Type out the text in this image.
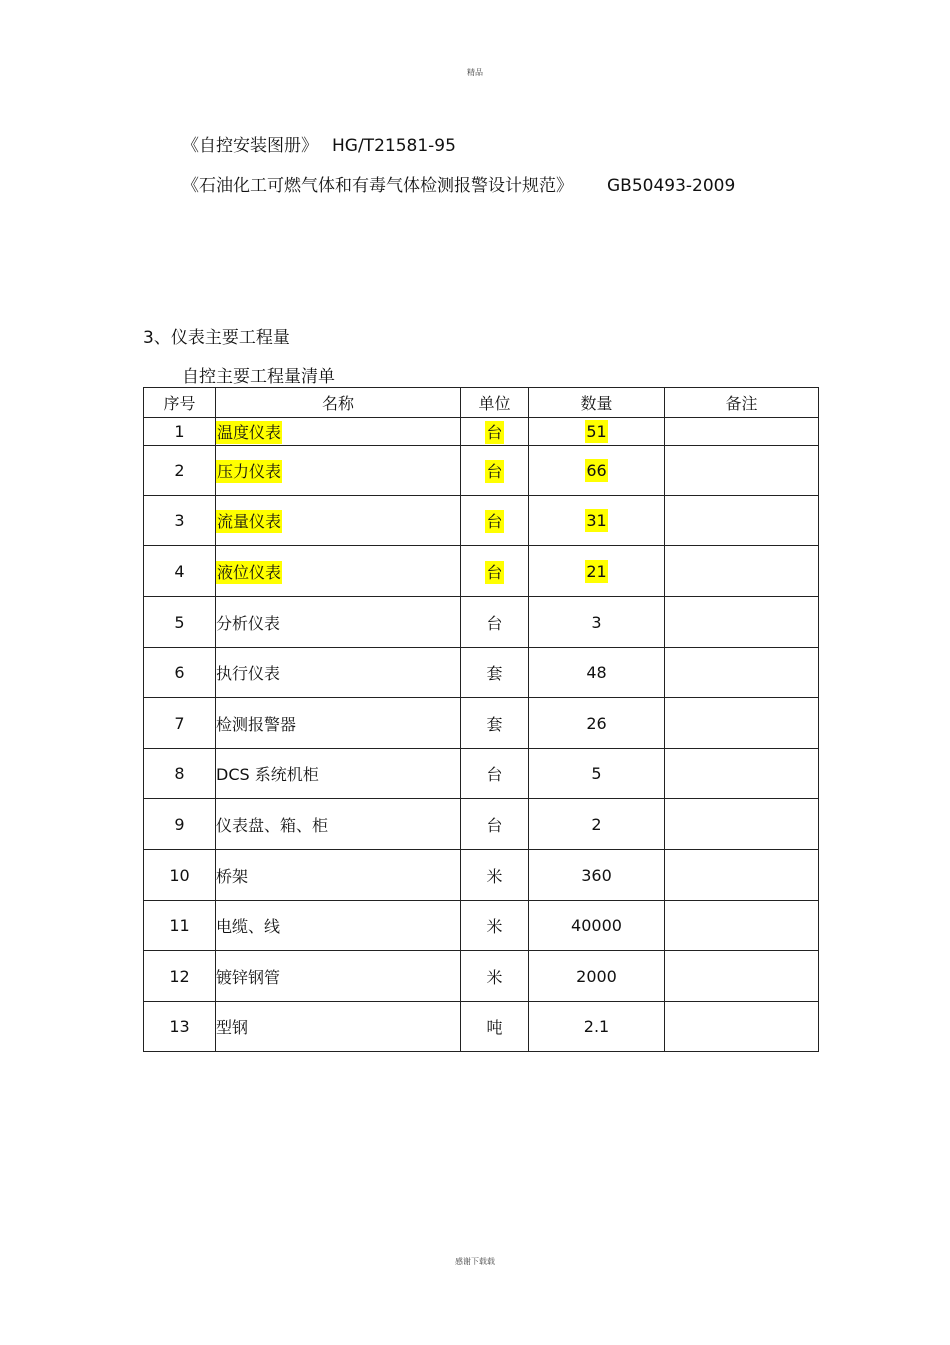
精品
《自控安装图册》 HG/T21581-95
《石油化工可燃气体和有毒气体检测报警设计规范》 GB50493-2009
3、仪表主要工程量
自控主要工程量清单
序号	名称	单位	数量	备注
1	温度仪表	台	51	
2	压力仪表	台	66	
3	流量仪表	台	31	
4	液位仪表	台	21	
5	分析仪表	台	3	
6	执行仪表	套	48	
7	检测报警器	套	26	
8	DCS 系统机柜	台	5	
9	仪表盘、箱、柜	台	2	
10	桥架	米	360	
11	电缆、线	米	40000	
12	镀锌钢管	米	2000	
13	型钢	吨	2.1	
感谢下载载
